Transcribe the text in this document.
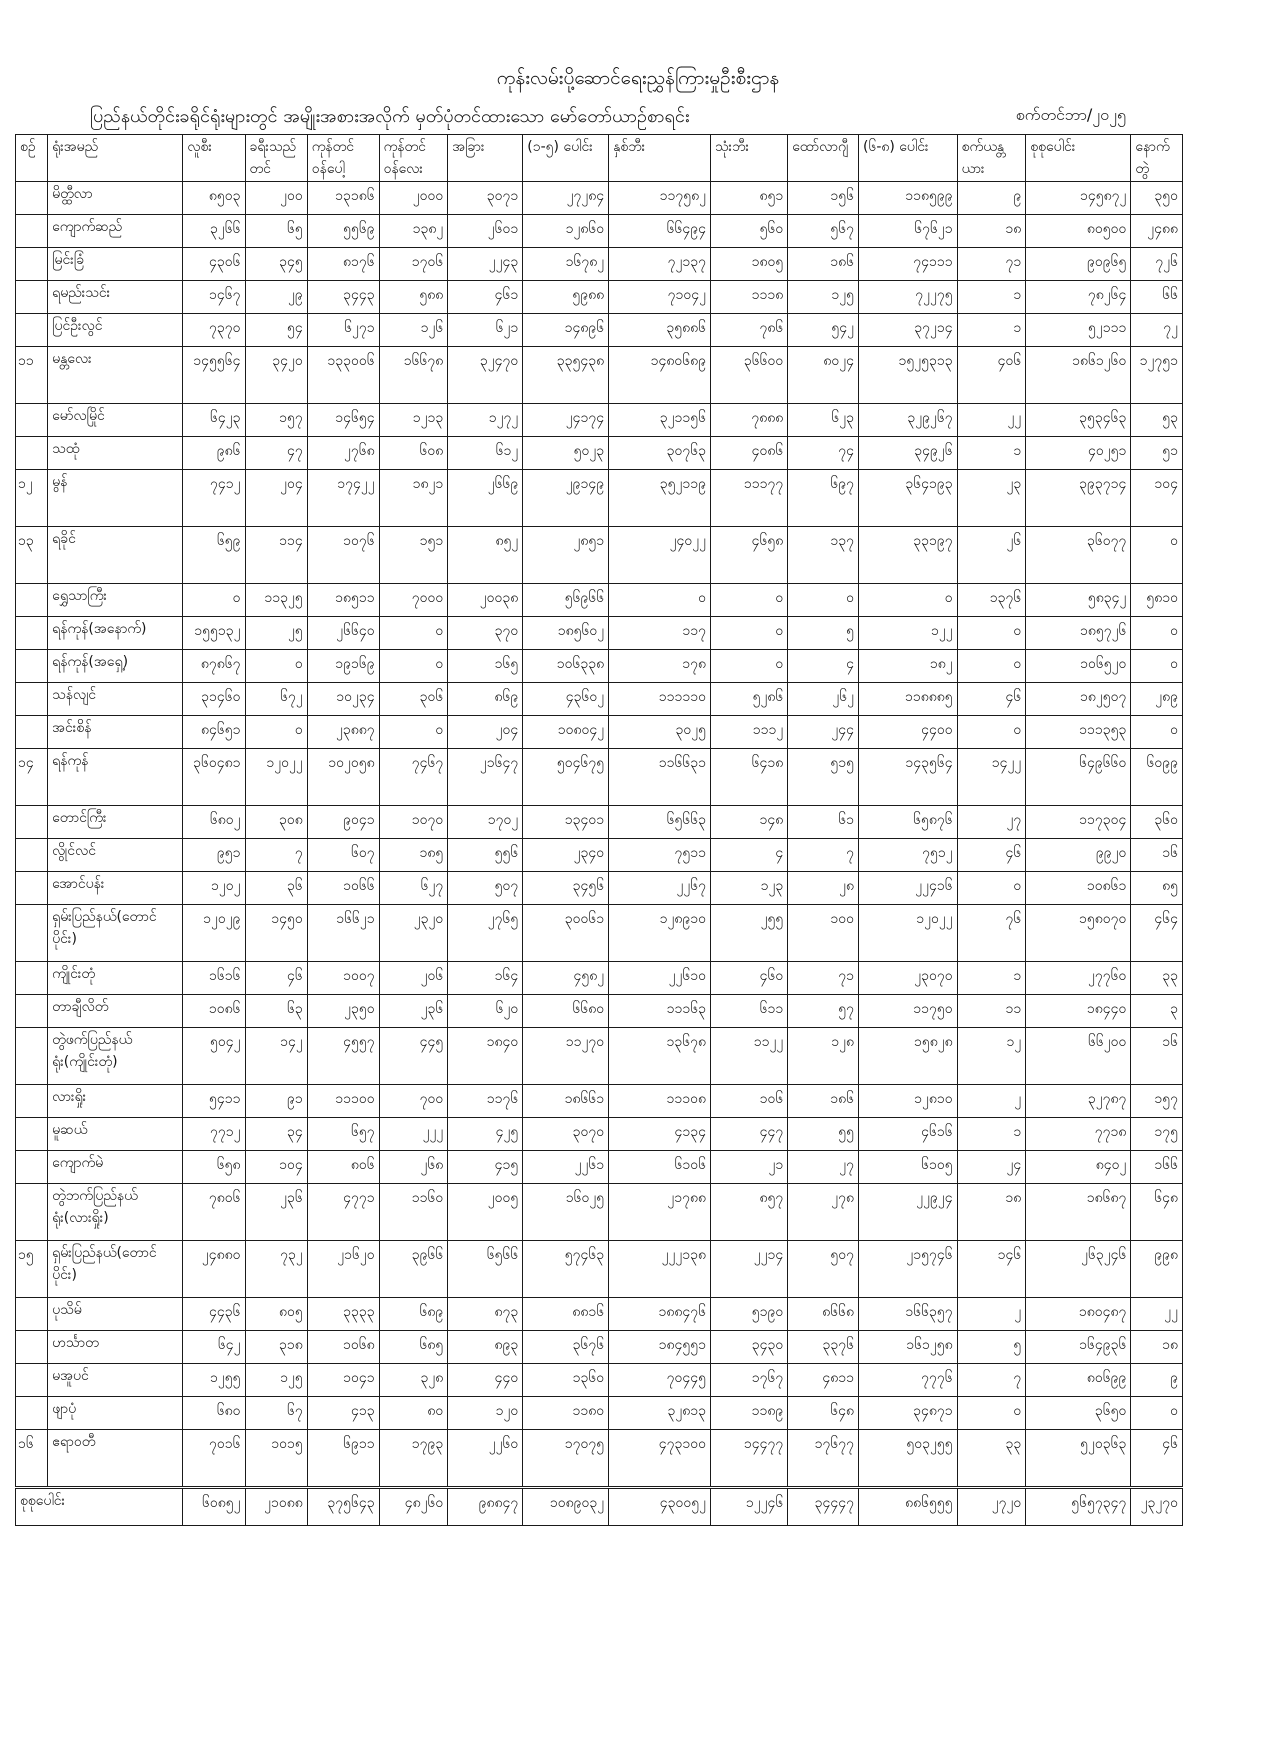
ကုန်းလမ်းပို့ဆောင်ရေးညွှန်ကြားမှုဦးစီးဌာန
ပြည်နယ်တိုင်းခရိုင်ရုံးများတွင် အမျိုးအစားအလိုက် မှတ်ပုံတင်ထားသော မော်တော်ယာဉ်စာရင်း	စက်တင်ဘာ/၂၀၂၅
စဉ်	ရုံးအမည်	လူစီး	ခရီးသည်တင်	ကုန်တင်ဝန်ပေါ့	ကုန်တင်ဝန်လေး	အခြား	(၁-၅) ပေါင်း	နှစ်ဘီး	သုံးဘီး	ထော်လာဂျီ	(၆-၈) ပေါင်း	စက်ယန္တယား	စုစုပေါင်း	နောက်တွဲ
	မိတ္ထီလာ	၈၅၀၃	၂၀၀	၁၃၁၈၆	၂၀၀၀	၃၀၇၁	၂၇၂၈၄	၁၁၇၅၈၂	၈၅၁	၁၅၆	၁၁၈၅၉၉	၉	၁၄၅၈၇၂	၃၅၀
	ကျောက်ဆည်	၃၂၆၆	၆၅	၅၅၆၉	၁၃၈၂	၂၆၀၁	၁၂၈၆၀	၆၆၄၉၄	၅၆၀	၅၆၇	၆၇၆၂၁	၁၈	၈၀၅၀၀	၂၄၈၈
	မြင်းခြံ	၄၃၀၆	၃၄၅	၈၁၇၆	၁၇၀၆	၂၂၄၃	၁၆၇၈၂	၇၂၁၃၇	၁၈၀၅	၁၈၆	၇၄၁၁၁	၇၁	၉၀၉၆၅	၇၂၆
	ရမည်းသင်း	၁၄၆၇	၂၉	၃၄၄၃	၅၈၈	၄၆၁	၅၉၈၈	၇၁၀၄၂	၁၁၁၈	၁၂၅	၇၂၂၇၅	၁	၇၈၂၆၄	၆၆
	ပြင်ဦးလွင်	၇၃၇၀	၅၄	၆၂၇၁	၁၂၆	၆၂၁	၁၄၈၉၆	၃၅၈၈၆	၇၈၆	၅၄၂	၃၇၂၁၄	၁	၅၂၁၁၁	၇၂
၁၁	မန္တလေး	၁၄၅၅၆၄	၃၄၂၀	၁၃၃၀၀၆	၁၆၆၇၈	၃၂၄၇၀	၃၃၅၄၃၈	၁၄၈၀၆၈၉	၃၆၆၀၀	၈၀၂၄	၁၅၂၅၃၁၃	၄၀၆	၁၈၆၁၂၆၀	၁၂၇၅၁
	မော်လမြိုင်	၆၄၂၃	၁၅၇	၁၄၆၅၄	၁၂၁၃	၁၂၇၂	၂၄၁၇၄	၃၂၁၁၅၆	၇၈၈၈	၆၂၃	၃၂၉၂၆၇	၂၂	၃၅၃၄၆၃	၅၃
	သထုံ	၉၈၆	၄၇	၂၇၆၈	၆၀၈	၆၁၂	၅၀၂၃	၃၀၇၆၃	၄၀၈၆	၇၄	၃၄၉၂၆	၁	၄၀၂၅၁	၅၁
၁၂	မွန်	၇၄၁၂	၂၀၄	၁၇၄၂၂	၁၈၂၁	၂၆၆၉	၂၉၁၄၉	၃၅၂၁၁၉	၁၁၁၇၇	၆၉၇	၃၆၄၁၉၃	၂၃	၃၉၃၇၁၄	၁၀၄
၁၃	ရခိုင်	၆၅၉	၁၁၄	၁၀၇၆	၁၅၁	၈၅၂	၂၈၅၁	၂၄၀၂၂	၄၆၅၈	၁၃၇	၃၃၁၉၇	၂၆	၃၆၀၇၇	၀
	ရွှေသာကြီး	၀	၁၁၃၂၅	၁၈၅၁၁	၇၀၀၀	၂၀၀၃၈	၅၆၉၆၆	၀	၀	၀	၀	၁၃၇၆	၅၈၃၄၂	၅၈၁၀
	ရန်ကုန်(အနောက်)	၁၅၅၁၃၂	၂၅	၂၆၆၄၀	၀	၃၇၀	၁၈၅၆၀၂	၁၁၇	၀	၅	၁၂၂	၀	၁၈၅၇၂၆	၀
	ရန်ကုန်(အရှေ့)	၈၇၈၆၇	၀	၁၉၁၆၉	၀	၁၆၅	၁၀၆၃၃၈	၁၇၈	၀	၄	၁၈၂	၀	၁၀၆၅၂၀	၀
	သန်လျင်	၃၁၄၆၀	၆၇၂	၁၀၂၃၄	၃၀၆	၈၆၉	၄၃၆၀၂	၁၁၁၁၁၀	၅၂၈၆	၂၆၂	၁၁၈၈၈၅	၄၆	၁၈၂၅၀၇	၂၈၉
	အင်းစိန်	၈၄၆၅၁	၀	၂၃၈၈၇	၀	၂၀၄	၁၀၈၀၄၂	၃၀၂၅	၁၁၁၂	၂၄၄	၄၄၀၀	၀	၁၁၁၃၅၃	၀
၁၄	ရန်ကုန်	၃၆၀၄၈၁	၁၂၀၂၂	၁၀၂၀၅၈	၇၄၆၇	၂၁၆၄၇	၅၀၄၆၇၅	၁၁၆၆၃၁	၆၄၁၈	၅၁၅	၁၄၃၅၆၄	၁၄၂၂	၆၄၉၆၆၀	၆၀၉၉
	တောင်ကြီး	၆၈၀၂	၃၀၈	၉၀၄၁	၁၀၇၀	၁၇၀၂	၁၃၄၀၁	၆၅၆၆၃	၁၄၈	၆၁	၆၅၈၇၆	၂၇	၁၁၇၃၀၄	၃၆၀
	လွိုင်လင်	၉၅၁	၇	၆၀၇	၁၈၅	၅၅၆	၂၃၄၀	၇၅၁၁	၄	၇	၇၅၁၂	၄၆	၉၉၂၀	၁၆
	အောင်ပန်း	၁၂၀၂	၃၆	၁၀၆၆	၆၂၇	၅၀၇	၃၄၅၆	၂၂၆၇	၁၂၃	၂၈	၂၂၄၁၆	၀	၁၀၈၆၁	၈၅
	ရှမ်းပြည်နယ်(တောင်ပိုင်း)	၁၂၀၂၉	၁၄၅၀	၁၆၆၂၁	၂၃၂၀	၂၇၆၅	၃၀၀၆၁	၁၂၈၉၁၀	၂၅၅	၁၀၀	၁၂၀၂၂	၇၆	၁၅၈၀၇၀	၄၆၄
	ကျိုင်းတုံ	၁၆၁၆	၄၆	၁၀၀၇	၂၀၆	၁၆၄	၄၅၈၂	၂၂၆၁၀	၄၆၀	၇၁	၂၃၀၇၀	၁	၂၇၇၆၀	၃၃
	တာချီလိတ်	၁၀၈၆	၆၃	၂၃၅၀	၂၃၆	၆၂၀	၆၆၈၀	၁၁၁၆၃	၆၁၁	၅၇	၁၁၇၅၀	၁၁	၁၈၄၄၀	၃
	တွဲဖက်ပြည်နယ်ရုံး(ကျိုင်းတုံ)	၅၀၄၂	၁၄၂	၄၅၅၇	၄၄၅	၁၈၄၀	၁၁၂၇၀	၁၃၆၇၈	၁၁၂၂	၁၂၈	၁၅၈၂၈	၁၂	၆၆၂၀၀	၁၆
	လားရှိုး	၅၄၁၁	၉၁	၁၁၁၀၀	၇၀၀	၁၁၇၆	၁၈၆၆၁	၁၁၁၀၈	၁၀၆	၁၈၆	၁၂၈၁၀	၂	၃၂၇၈၇	၁၅၇
	မူဆယ်	၇၇၁၂	၃၄	၆၅၇	၂၂၂	၄၂၅	၃၀၇၀	၄၁၃၄	၄၄၇	၅၅	၄၆၁၆	၁	၇၇၁၈	၁၇၅
	ကျောက်မဲ	၆၅၈	၁၀၄	၈၀၆	၂၆၈	၄၁၅	၂၂၆၁	၆၁၀၆	၂၁	၂၇	၆၁၀၅	၂၄	၈၄၀၂	၁၆၆
	တွဲဘက်ပြည်နယ်ရုံး(လားရှိုး)	၇၈၀၆	၂၃၆	၄၇၇၁	၁၁၆၀	၂၀၀၅	၁၆၀၂၅	၂၁၇၈၈	၈၅၇	၂၇၈	၂၂၉၂၄	၁၈	၁၈၆၈၇	၆၄၈
၁၅	ရှမ်းပြည်နယ်(တောင်ပိုင်း)	၂၄၈၈၀	၇၃၂	၂၁၆၂၀	၃၉၆၆	၆၅၆၆	၅၇၄၆၃	၂၂၂၁၃၈	၂၂၁၄	၅၀၇	၂၁၅၇၄၆	၁၄၆	၂၆၃၂၄၆	၉၉၈
	ပုသိမ်	၄၄၃၆	၈၀၅	၃၃၃၃	၆၈၉	၈၇၃	၈၈၁၆	၁၈၈၄၇၆	၅၁၉၀	၈၆၆၈	၁၆၆၃၅၇	၂	၁၈၀၄၈၇	၂၂
	ဟင်္သာတ	၆၄၂	၃၁၈	၁၀၆၈	၆၈၅	၈၉၃	၃၆၇၆	၁၈၄၅၅၁	၃၄၃၀	၃၃၇၆	၁၆၁၂၅၈	၅	၁၆၄၉၃၆	၁၈
	မအူပင်	၁၂၅၅	၁၂၅	၁၀၄၁	၃၂၈	၄၄၀	၁၃၆၀	၇၀၄၄၅	၁၇၆၇	၄၈၁၁	၇၇၇၆	၇	၈၀၆၉၉	၉
	ဖျာပုံ	၆၈၀	၆၇	၄၁၃	၈၀	၁၂၀	၁၁၈၀	၃၂၈၁၃	၁၁၈၉	၆၄၈	၃၄၈၇၁	၀	၃၆၅၀	၀
၁၆	ဧရာဝတီ	၇၀၁၆	၁၀၁၅	၆၉၁၁	၁၇၉၃	၂၂၆၀	၁၇၀၇၅	၄၇၃၁၀၀	၁၄၄၇၇	၁၇၆၇၇	၅၀၃၂၅၅	၃၃	၅၂၀၃၆၃	၄၆
စုစုပေါင်း		၆၀၈၅၂	၂၁၀၈၈	၃၇၅၆၄၃	၄၈၂၆၀	၉၈၈၄၇	၁၀၈၉၀၃၂	၄၃၀၀၅၂	၁၂၂၄၆	၃၄၄၄၇	၈၈၆၅၅၅	၂၇၂၀	၅၆၅၇၃၄၇	၂၃၂၇၀
